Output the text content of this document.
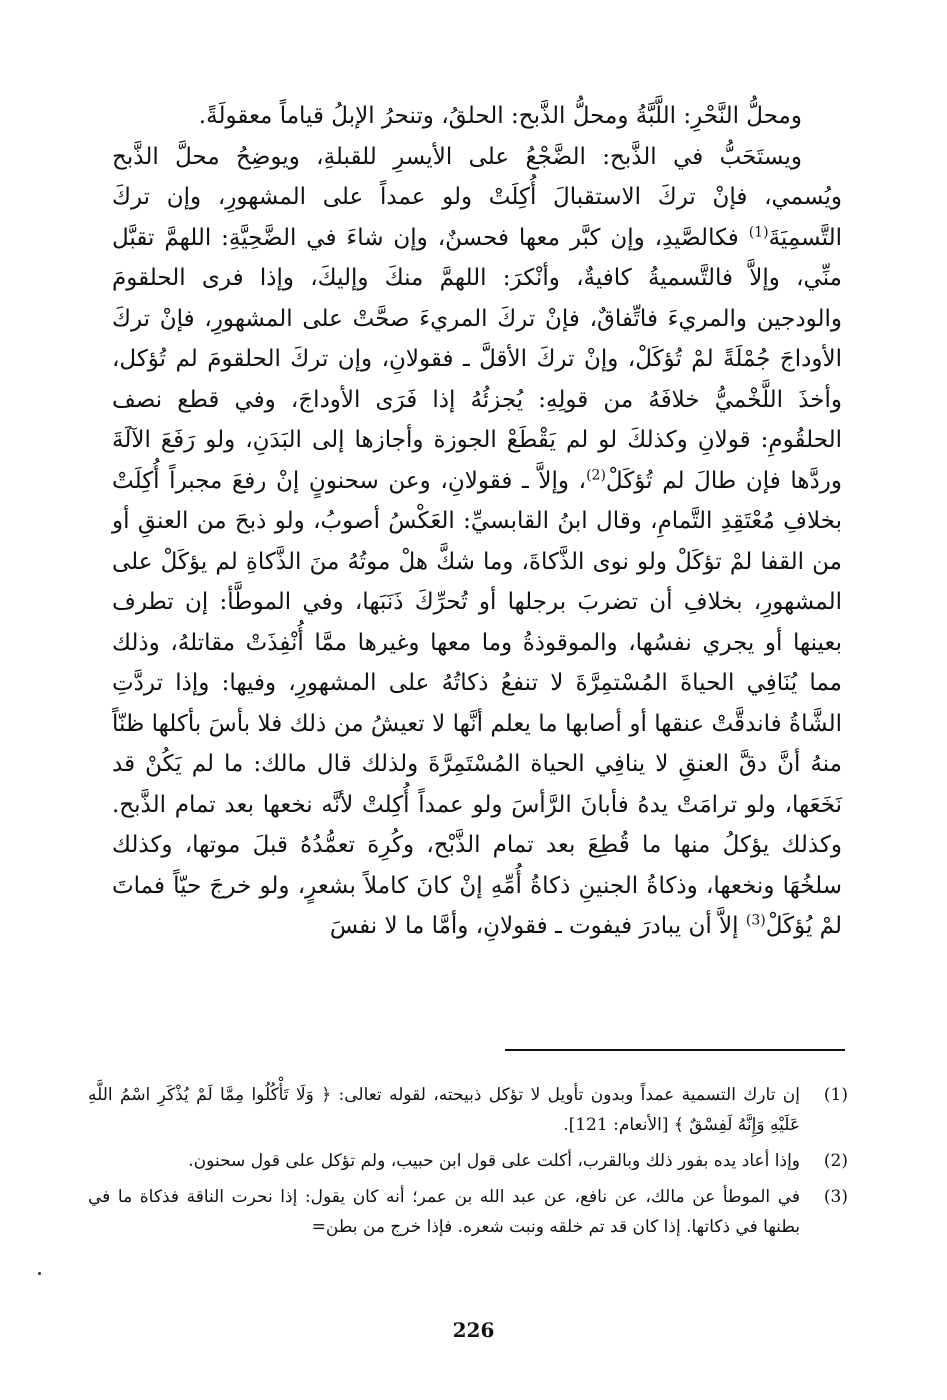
ومحلُّ النَّحْرِ: اللَّبَّةُ ومحلُّ الذَّبح: الحلقُ، وتنحرُ الإبلُ قياماً معقولَةً.

ويستَحَبُّ في الذَّبح: الضَّجْعُ على الأيسرِ للقبلةِ، ويوضِحُ محلَّ الذَّبح ويُسمي، فإنْ تركَ الاستقبالَ أُكِلَتْ ولو عمداً على المشهورِ، وإن تركَ التَّسمِيَةَ$^{(1)}$ فكالصَّيدِ، وإن كبَّر معها فحسنٌ، وإن شاءَ في الضَّحِيَّةِ: اللهمَّ تقبَّل منِّي، وإلاَّ فالتَّسميةُ كافيةٌ، وأنْكرَ: اللهمَّ منكَ وإليكَ، وإذا فرى الحلقومَ والودجين والمريءَ فاتِّفاقٌ، فإنْ تركَ المريءَ صحَّتْ على المشهورِ، فإنْ تركَ الأوداجَ جُمْلَةً لمْ تُؤكَلْ، وإنْ تركَ الأقلَّ ـ فقولانِ، وإن تركَ الحلقومَ لم تُؤكل، وأخذَ اللَّخْميُّ خلافَهُ من قولِهِ: يُجزئُهُ إذا فَرَى الأوداجَ، وفي قطع نصف الحلقُومِ: قولانِ وكذلكَ لو لم يَقْطَعْ الجوزة وأجازها إلى البَدَنِ، ولو رَفَعَ الآلَةَ وردَّها فإن طالَ لم تُؤكَلْ$^{(2)}$، وإلاَّ ـ فقولانِ، وعن سحنونٍ إنْ رفعَ مجبراً أُكِلَتْ بخلافِ مُعْتَقِدِ التَّمامِ، وقال ابنُ القابسيِّ: العَكْسُ أصوبُ، ولو ذبحَ من العنقِ أو من القفا لمْ تؤكَلْ ولو نوى الذَّكاةَ، وما شكَّ هلْ موتُهُ منَ الذَّكاةِ لم يؤكَلْ على المشهورِ، بخلافِ أن تضربَ برجلها أو تُحرِّكَ ذَنَبَها، وفي الموطَّأ: إن تطرف بعينها أو يجري نفسُها، والموقوذةُ وما معها وغيرها ممَّا أُنْفِذَتْ مقاتلهُ، وذلك مما يُنَافِي الحياةَ المُسْتمِرَّةَ لا تنفعُ ذكاتُهُ على المشهورِ، وفيها: وإذا تردَّتِ الشَّاةُ فاندقَّتْ عنقها أو أصابها ما يعلم أنَّها لا تعيشُ من ذلك فلا بأسَ بأكلها ظنّاً منهُ أنَّ دقَّ العنقِ لا ينافِي الحياة المُسْتَمِرَّةَ ولذلك قال مالك: ما لم يَكُنْ قد نَخَعَها، ولو ترامَتْ يدهُ فأبانَ الرَّأسَ ولو عمداً أُكِلتْ لأنَّه نخعها بعد تمام الذَّبح. وكذلك يؤكلُ منها ما قُطِعَ بعد تمام الذَّبْح، وكُرِهَ تعمُّدُهُ قبلَ موتها، وكذلك سلخُهَا ونخعها، وذكاةُ الجنينِ ذكاةُ أُمِّهِ إنْ كانَ كاملاً بشعرٍ، ولو خرجَ حيّاً فماتَ لمْ يُؤكَلْ$^{(3)}$ إلاَّ أن يبادرَ فيفوت ـ فقولانِ، وأمَّا ما لا نفسَ

(1)
إن تارك التسمية عمداً وبدون تأويل لا تؤكل ذبيحته، لقوله تعالى: ﴿ وَلَا تَأْكُلُوا مِمَّا لَمْ يُذْكَرِ اسْمُ اللَّهِ عَلَيْهِ وَإِنَّهُ لَفِسْقٌ ﴾ [الأنعام: 121].
(2)
وإذا أعاد يده بفور ذلك وبالقرب، أكلت على قول ابن حبيب، ولم تؤكل على قول سحنون.
(3)
في الموطأ عن مالك، عن نافع، عن عبد الله بن عمر؛ أنه كان يقول: إذا نحرت الناقة فذكاة ما في بطنها في ذكاتها. إذا كان قد تم خلقه ونبت شعره. فإذا خرج من بطن=
226
